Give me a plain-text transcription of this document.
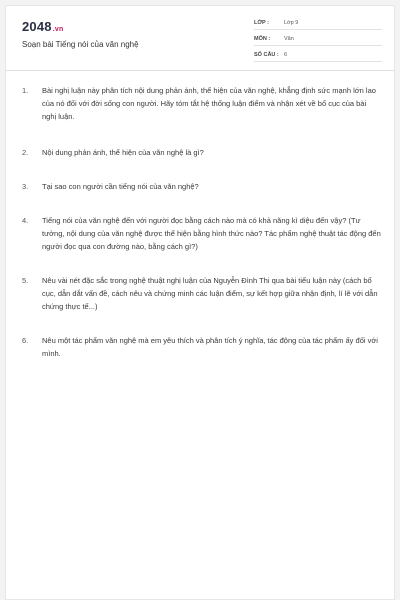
2048.vn
Soạn bài Tiếng nói của văn nghệ
LỚP :	Lớp 9
MÔN :	Văn
SỐ CÂU : 6
1.	Bài nghị luận này phân tích nội dung phản ánh, thể hiện của văn nghệ, khẳng định sức mạnh lớn lao của nó đối với đời sống con người. Hãy tóm tắt hệ thống luận điểm và nhận xét về bố cục của bài nghị luận.
2.	Nội dung phản ánh, thể hiện của văn nghệ là gì?
3.	Tại sao con người cần tiếng nói của văn nghệ?
4.	Tiếng nói của văn nghệ đến với người đọc bằng cách nào mà có khả năng kì diệu đến vậy? (Tư tưởng, nội dung của văn nghệ được thể hiện bằng hình thức nào? Tác phẩm nghệ thuật tác động đến người đọc qua con đường nào, bằng cách gì?)
5.	Nêu vài nét đặc sắc trong nghệ thuật nghị luận của Nguyễn Đình Thi qua bài tiểu luận này (cách bố cục, dẫn dắt vấn đề, cách nêu và chứng minh các luận điểm, sự kết hợp giữa nhận định, lí lẽ với dẫn chứng thực tế...)
6.	Nêu một tác phẩm văn nghệ mà em yêu thích và phân tích ý nghĩa, tác động của tác phẩm ấy đối với mình.
